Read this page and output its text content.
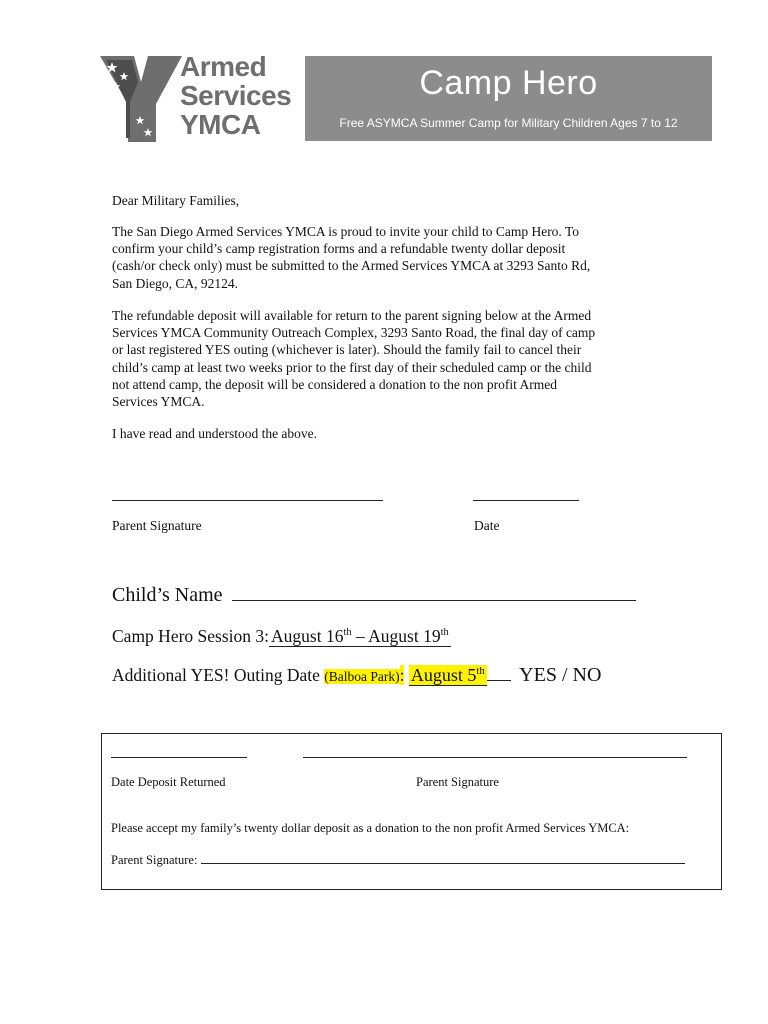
Armed
Services
YMCA
Camp Hero
Free ASYMCA Summer Camp for Military Children Ages 7 to 12

Dear Military Families,

The San Diego Armed Services YMCA is proud to invite your child to Camp Hero. To
confirm your child’s camp registration forms and a refundable twenty dollar deposit
(cash/or check only) must be submitted to the Armed Services YMCA at 3293 Santo Rd,
San Diego, CA, 92124.

The refundable deposit will available for return to the parent signing below at the Armed
Services YMCA Community Outreach Complex, 3293 Santo Road, the final day of camp
or last registered YES outing (whichever is later). Should the family fail to cancel their
child’s camp at least two weeks prior to the first day of their scheduled camp or the child
not attend camp, the deposit will be considered a donation to the non profit Armed
Services YMCA.

I have read and understood the above.

Parent Signature	Date
Child’s Name
Camp Hero Session 3: August 16th – August 19th
Additional YES! Outing Date (Balboa Park): August 5th YES / NO
Date Deposit Returned	Parent Signature
Please accept my family’s twenty dollar deposit as a donation to the non profit Armed Services YMCA:
Parent Signature:
